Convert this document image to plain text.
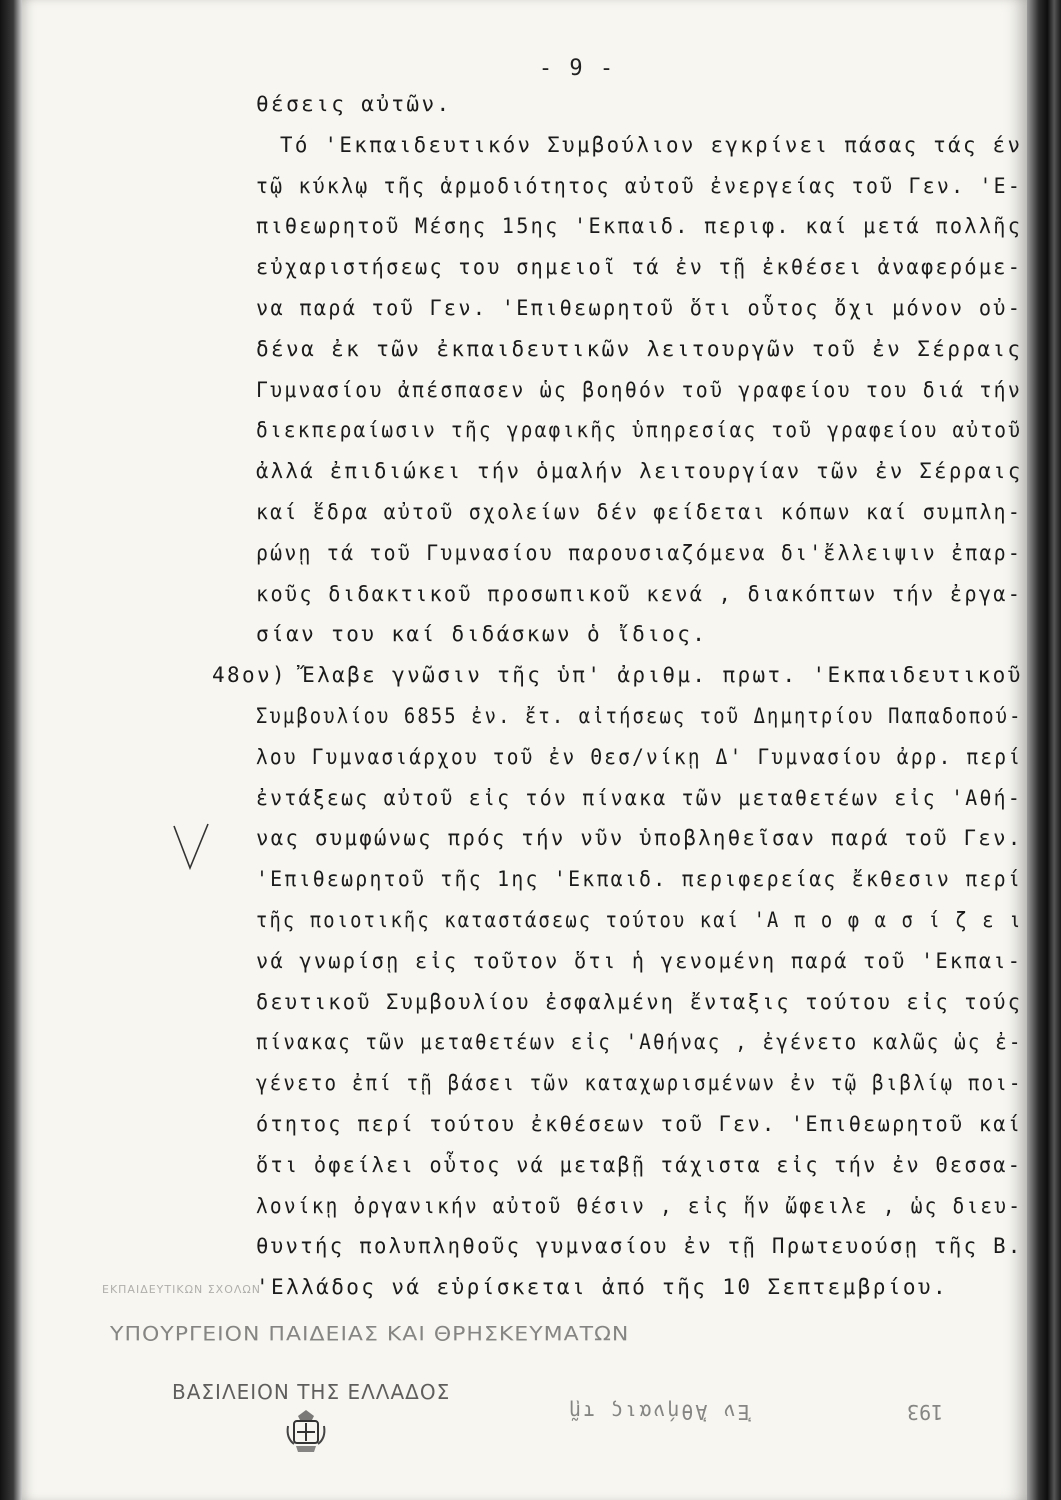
- 9 -
θέσεις αὐτῶν.
Τό 'Εκπαιδευτικόν Συμβούλιον εγκρίνει πάσας τάς έν
τῷ κύκλῳ τῆς ἁρμοδιότητος αὐτοῦ ἐνεργείας τοῦ Γεν. 'Ε-
πιθεωρητοῦ Μέσης 15ης 'Εκπαιδ. περιφ. καί μετά πολλῆς
εὐχαριστήσεως του σημειοῖ τά ἐν τῇ ἐκθέσει ἀναφερόμε-
να παρά τοῦ Γεν. 'Επιθεωρητοῦ ὅτι οὗτος ὄχι μόνον οὐ-
δένα ἐκ τῶν ἐκπαιδευτικῶν λειτουργῶν τοῦ ἐν Σέρραις
Γυμνασίου ἀπέσπασεν ὡς βοηθόν τοῦ γραφείου του διά τήν
διεκπεραίωσιν τῆς γραφικῆς ὑπηρεσίας τοῦ γραφείου αὐτοῦ
ἀλλά ἐπιδιώκει τήν ὁμαλήν λειτουργίαν τῶν ἐν Σέρραις
καί ἕδρα αὐτοῦ σχολείων δέν φείδεται κόπων καί συμπλη-
ρώνῃ τά τοῦ Γυμνασίου παρουσιαζόμενα δι'ἔλλειψιν ἐπαρ-
κοῦς διδακτικοῦ προσωπικοῦ κενά , διακόπτων τήν ἐργα-
σίαν του καί διδάσκων ὁ ἴδιος.
48ον) Ἔλαβε γνῶσιν τῆς ὑπ' ἀριθμ. πρωτ. 'Εκπαιδευτικοῦ
Συμβουλίου 6855 ἐν. ἔτ. αἰτήσεως τοῦ Δημητρίου Παπαδοπού-
λου Γυμνασιάρχου τοῦ ἐν Θεσ/νίκῃ Δ' Γυμνασίου ἀρρ. περί
ἐντάξεως αὐτοῦ εἰς τόν πίνακα τῶν μεταθετέων εἰς 'Αθή-
νας συμφώνως πρός τήν νῦν ὑποβληθεῖσαν παρά τοῦ Γεν.
'Επιθεωρητοῦ τῆς 1ης 'Εκπαιδ. περιφερείας ἔκθεσιν περί
τῆς ποιοτικῆς καταστάσεως τούτου καί 'Α π ο φ α σ ί ζ ε ι
νά γνωρίσῃ εἰς τοῦτον ὅτι ἡ γενομένη παρά τοῦ 'Εκπαι-
δευτικοῦ Συμβουλίου ἐσφαλμένη ἔνταξις τούτου εἰς τούς
πίνακας τῶν μεταθετέων εἰς 'Αθήνας , ἐγένετο καλῶς ὡς ἐ-
γένετο ἐπί τῇ βάσει τῶν καταχωρισμένων ἐν τῷ βιβλίῳ ποι-
ότητος περί τούτου ἐκθέσεων τοῦ Γεν. 'Επιθεωρητοῦ καί
ὅτι ὀφείλει οὗτος νά μεταβῇ τάχιστα εἰς τήν ἐν Θεσσα-
λονίκῃ ὀργανικήν αὐτοῦ θέσιν , εἰς ἥν ὤφειλε , ὡς διευ-
θυντής πολυπληθοῦς γυμνασίου ἐν τῇ Πρωτευούσῃ τῆς Β.
'Ελλάδος νά εὑρίσκεται ἀπό τῆς 10 Σεπτεμβρίου.
ΕΚΠΑΙΔΕΥΤΙΚΩΝ ΣΧΟΛΩΝ
ΥΠΟΥΡΓΕΙΟΝ ΠΑΙΔΕΙΑΣ ΚΑΙ ΘΡΗΣΚΕΥΜΑΤΩΝ
ΒΑΣΙΛΕΙΟΝ ΤΗΣ ΕΛΛΑΔΟΣ
Ἐν Ἀθήναις τῇ	193
